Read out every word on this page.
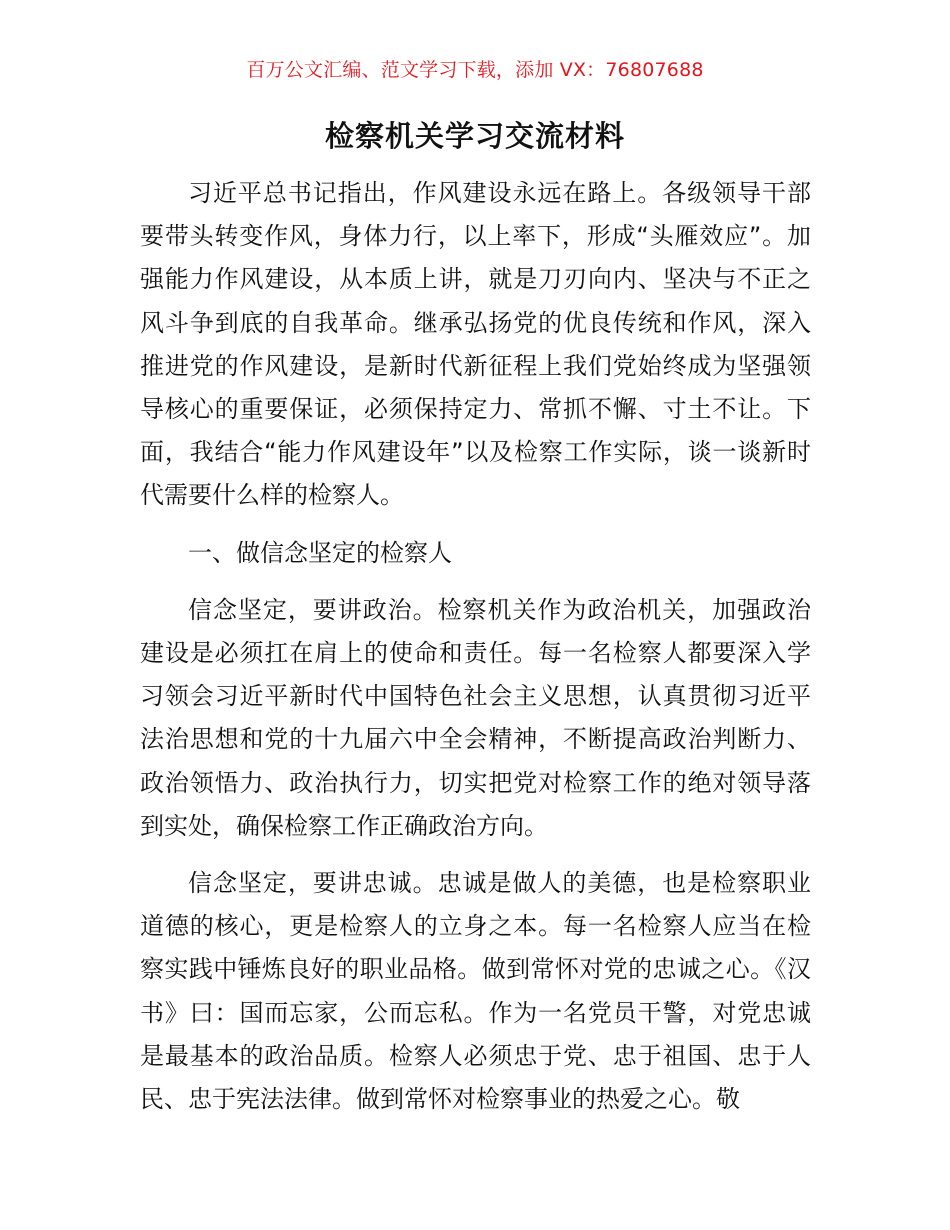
百万公文汇编、范文学习下载，添加 VX：76807688
检察机关学习交流材料

习近平总书记指出，作风建设永远在路上。各级领导干部要带头转变作风，身体力行，以上率下，形成“头雁效应”。加强能力作风建设，从本质上讲，就是刀刃向内、坚决与不正之风斗争到底的自我革命。继承弘扬党的优良传统和作风，深入推进党的作风建设，是新时代新征程上我们党始终成为坚强领导核心的重要保证，必须保持定力、常抓不懈、寸土不让。下面，我结合“能力作风建设年”以及检察工作实际，谈一谈新时代需要什么样的检察人。

一、做信念坚定的检察人

信念坚定，要讲政治。检察机关作为政治机关，加强政治建设是必须扛在肩上的使命和责任。每一名检察人都要深入学习领会习近平新时代中国特色社会主义思想，认真贯彻习近平法治思想和党的十九届六中全会精神，不断提高政治判断力、政治领悟力、政治执行力，切实把党对检察工作的绝对领导落到实处，确保检察工作正确政治方向。

信念坚定，要讲忠诚。忠诚是做人的美德，也是检察职业道德的核心，更是检察人的立身之本。每一名检察人应当在检察实践中锤炼良好的职业品格。做到常怀对党的忠诚之心。《汉书》曰：国而忘家，公而忘私。作为一名党员干警，对党忠诚是最基本的政治品质。检察人必须忠于党、忠于祖国、忠于人民、忠于宪法法律。做到常怀对检察事业的热爱之心。敬
